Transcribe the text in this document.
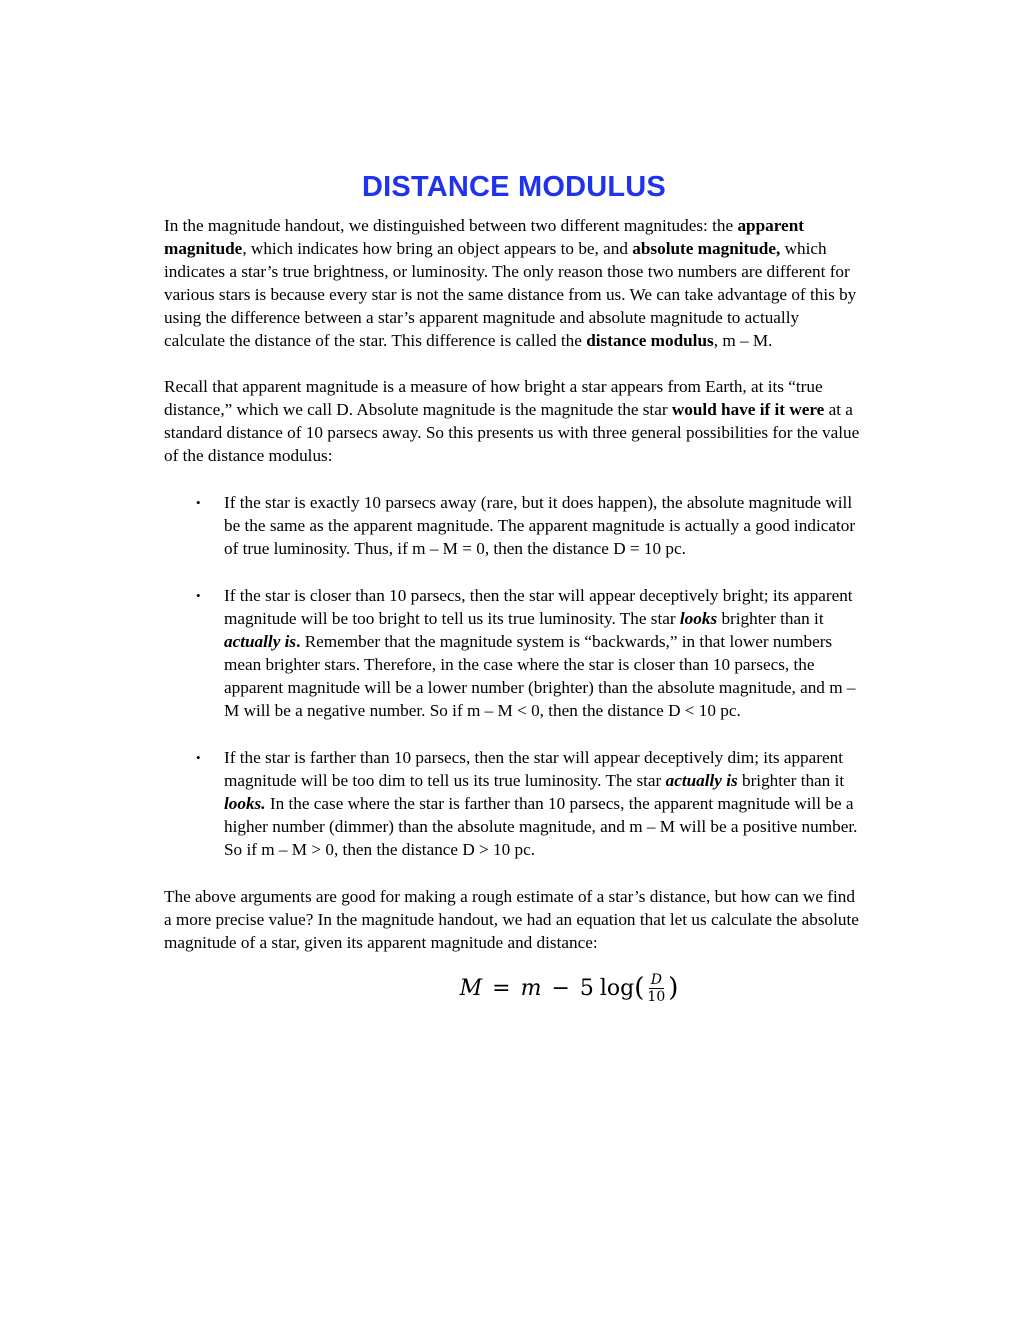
DISTANCE MODULUS

In the magnitude handout, we distinguished between two different magnitudes: the apparent magnitude, which indicates how bring an object appears to be, and absolute magnitude, which indicates a star’s true brightness, or luminosity. The only reason those two numbers are different for various stars is because every star is not the same distance from us. We can take advantage of this by using the difference between a star’s apparent magnitude and absolute magnitude to actually calculate the distance of the star. This difference is called the distance modulus, m – M.

Recall that apparent magnitude is a measure of how bright a star appears from Earth, at its “true distance,” which we call D. Absolute magnitude is the magnitude the star would have if it were at a standard distance of 10 parsecs away. So this presents us with three general possibilities for the value of the distance modulus:

• If the star is exactly 10 parsecs away (rare, but it does happen), the absolute magnitude will be the same as the apparent magnitude. The apparent magnitude is actually a good indicator of true luminosity. Thus, if m – M = 0, then the distance D = 10 pc.
• If the star is closer than 10 parsecs, then the star will appear deceptively bright; its apparent magnitude will be too bright to tell us its true luminosity. The star looks brighter than it actually is. Remember that the magnitude system is “backwards,” in that lower numbers mean brighter stars. Therefore, in the case where the star is closer than 10 parsecs, the apparent magnitude will be a lower number (brighter) than the absolute magnitude, and m – M will be a negative number. So if m – M < 0, then the distance D < 10 pc.
• If the star is farther than 10 parsecs, then the star will appear deceptively dim; its apparent magnitude will be too dim to tell us its true luminosity. The star actually is brighter than it looks. In the case where the star is farther than 10 parsecs, the apparent magnitude will be a higher number (dimmer) than the absolute magnitude, and m – M will be a positive number. So if m – M > 0, then the distance D > 10 pc.

The above arguments are good for making a rough estimate of a star’s distance, but how can we find a more precise value? In the magnitude handout, we had an equation that let us calculate the absolute magnitude of a star, given its apparent magnitude and distance:

M = m − 5 log ( $\frac{D}{10}$ )
